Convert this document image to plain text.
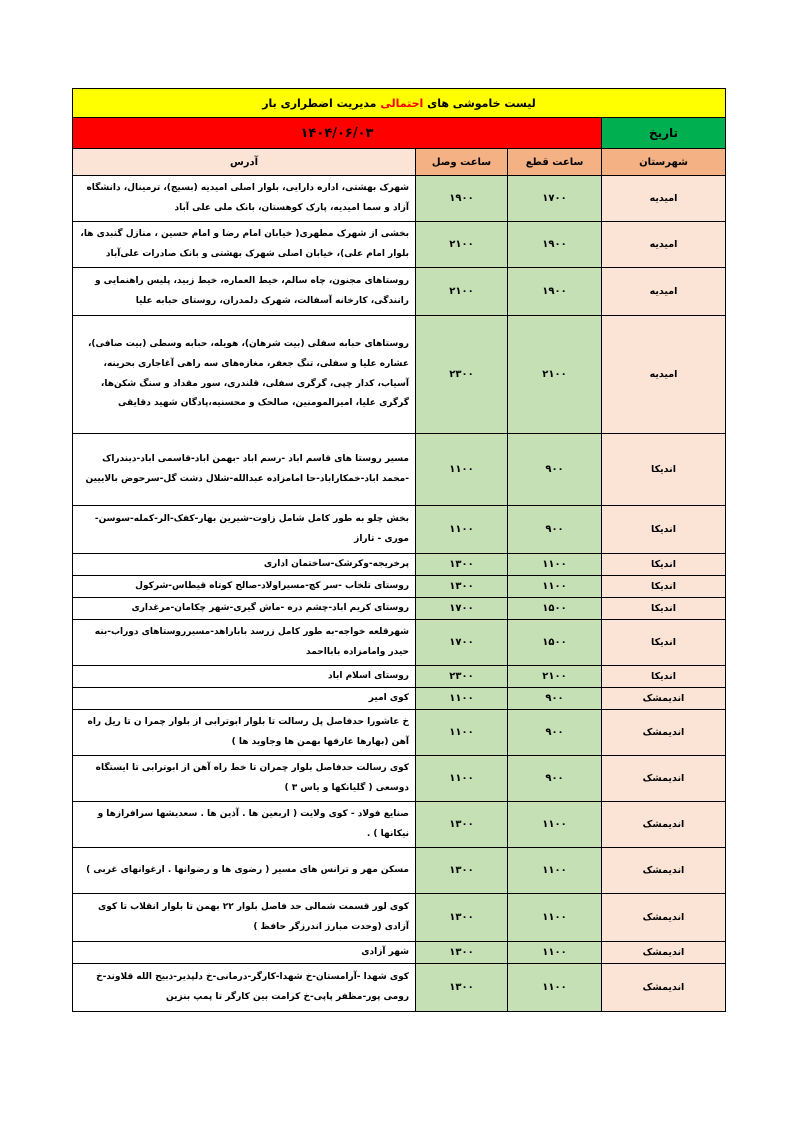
لیست خاموشی های احتمالی مدیریت اضطراری بار			
تاریخ	۱۴۰۴/۰۶/۰۳		
شهرستان	ساعت قطع	ساعت وصل	آدرس
امیدیه	۱۷۰۰	۱۹۰۰	شهرک بهشتی، اداره دارایی، بلوار اصلی امیدیه (بسیج)، ترمینال، دانشگاه آزاد و سما امیدیه، پارک کوهستان، بانک ملی علی آباد
امیدیه	۱۹۰۰	۲۱۰۰	بخشی از شهرک مطهری( خیابان امام رضا و امام حسین ، منازل گنبدی ها، بلوار امام علی)، خیابان اصلی شهرک بهشتی و بانک صادرات علی‌آباد
امیدیه	۱۹۰۰	۲۱۰۰	روستاهای مجنون، چاه سالم، خیط العماره، خیط زبید، پلیس راهنمایی و رانندگی، کارخانه آسفالت، شهرک دلمدران، روستای حبابه علیا
امیدیه	۲۱۰۰	۲۳۰۰	روستاهای حبابه سفلی (بیت شرهان)، هویله، حبابه وسطی (بیت صافی)، عشاره علیا و سفلی، تنگ جعفر، مغازه‌های سه راهی آغاجاری بحرینه، آسیاب، کدار چپی، گرگری سفلی، قلندری، سور مقداد و سنگ شکن‌ها، گرگری علیا، امیرالمومنین، صالحک و محسنیه،پادگان شهید دقایقی
اندیکا	۹۰۰	۱۱۰۰	مسیر روستا های قاسم اباد -رسم اباد -بهمن اباد-قاسمی اباد-دیندراک -محمد اباد-خمکاراباد-حا امامزاده عبدالله-شلال دشت گل-سرحوض بالاییین
اندیکا	۹۰۰	۱۱۰۰	بخش چلو به طور کامل شامل زاوت-شیرین بهار-کفک-الر-کمله-سوسن-موری - تاراز
اندیکا	۱۱۰۰	۱۳۰۰	پرخریجه-وکرشک-ساختمان اداری
اندیکا	۱۱۰۰	۱۳۰۰	روستای تلخاب -سر کچ-مسیراولاد-صالح کوتاه قیطاس-شرکول
اندیکا	۱۵۰۰	۱۷۰۰	روستای کریم اباد-چشم دره -ماش گیری-شهر چکامان-مرغداری
اندیکا	۱۵۰۰	۱۷۰۰	شهرقلعه خواجه-به طور کامل زرسد باباراهد-مسیرروستاهای دوراب-بنه حیدر وامامزاده بابااحمد
اندیکا	۲۱۰۰	۲۳۰۰	روستای اسلام اباد
اندیمشک	۹۰۰	۱۱۰۰	کوی امیر
اندیمشک	۹۰۰	۱۱۰۰	خ عاشورا حدفاصل پل رسالت تا بلوار ابوترابی از بلوار چمرا ن تا ریل راه آهن (بهارها عارفها بهمن ها وجاوید ها )
اندیمشک	۹۰۰	۱۱۰۰	کوی رسالت حدفاصل بلوار چمران تا خط راه آهن از ابوترابی تا ایستگاه دوسعی ( گلیانکها و یاس ۳ )
اندیمشک	۱۱۰۰	۱۳۰۰	صنایع فولاد - کوی ولایت ( اربعین ها . آذین ها . سعدیشها سرافرازها و نیکانها ) .
اندیمشک	۱۱۰۰	۱۳۰۰	مسکن مهر و ترانس های مسیر ( رضوی ها و رضوانها . ارغوانهای غربی )
اندیمشک	۱۱۰۰	۱۳۰۰	کوی لور قسمت شمالی حد فاصل بلوار ۲۲ بهمن تا بلوار انقلاب تا کوی آزادی (وحدت مبارز اندرزگر حافظ )
اندیمشک	۱۱۰۰	۱۳۰۰	شهر آزادی
اندیمشک	۱۱۰۰	۱۳۰۰	کوی شهدا -آرامستان-خ شهدا-کارگر-درمانی-خ دلپذیر-ذبیح الله قلاوند-خ رومی پور-مظفر پاپی-خ کرامت بین کارگر تا پمپ بنزین
